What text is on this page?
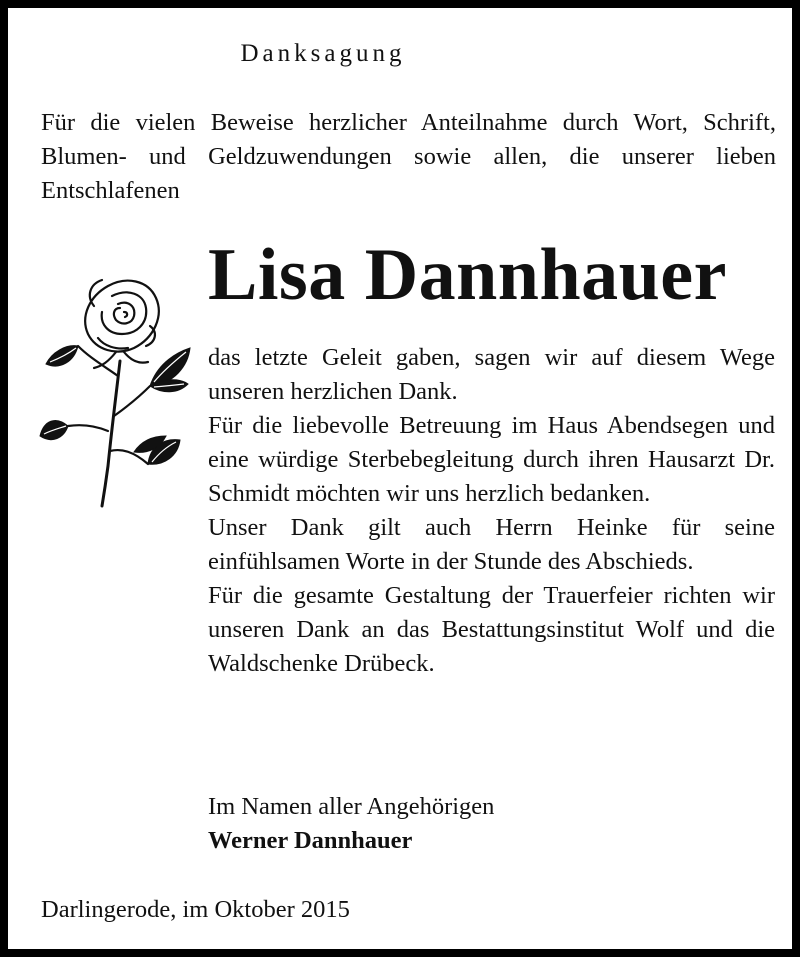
Danksagung

Für die vielen Beweise herzlicher Anteilnahme durch Wort, Schrift, Blumen- und Geldzuwendungen sowie allen, die unserer lieben Entschlafenen

Lisa Dannhauer

das letzte Geleit gaben, sagen wir auf diesem Wege unseren herzlichen Dank.

Für die liebevolle Betreuung im Haus Abendsegen und eine würdige Sterbebegleitung durch ihren Hausarzt Dr. Schmidt möchten wir uns herzlich bedanken.

Unser Dank gilt auch Herrn Heinke für seine einfühlsamen Worte in der Stunde des Abschieds.

Für die gesamte Gestaltung der Trauerfeier richten wir unseren Dank an das Bestattungsinstitut Wolf und die Waldschenke Drübeck.

Im Namen aller Angehörigen
Werner Dannhauer
Darlingerode, im Oktober 2015
